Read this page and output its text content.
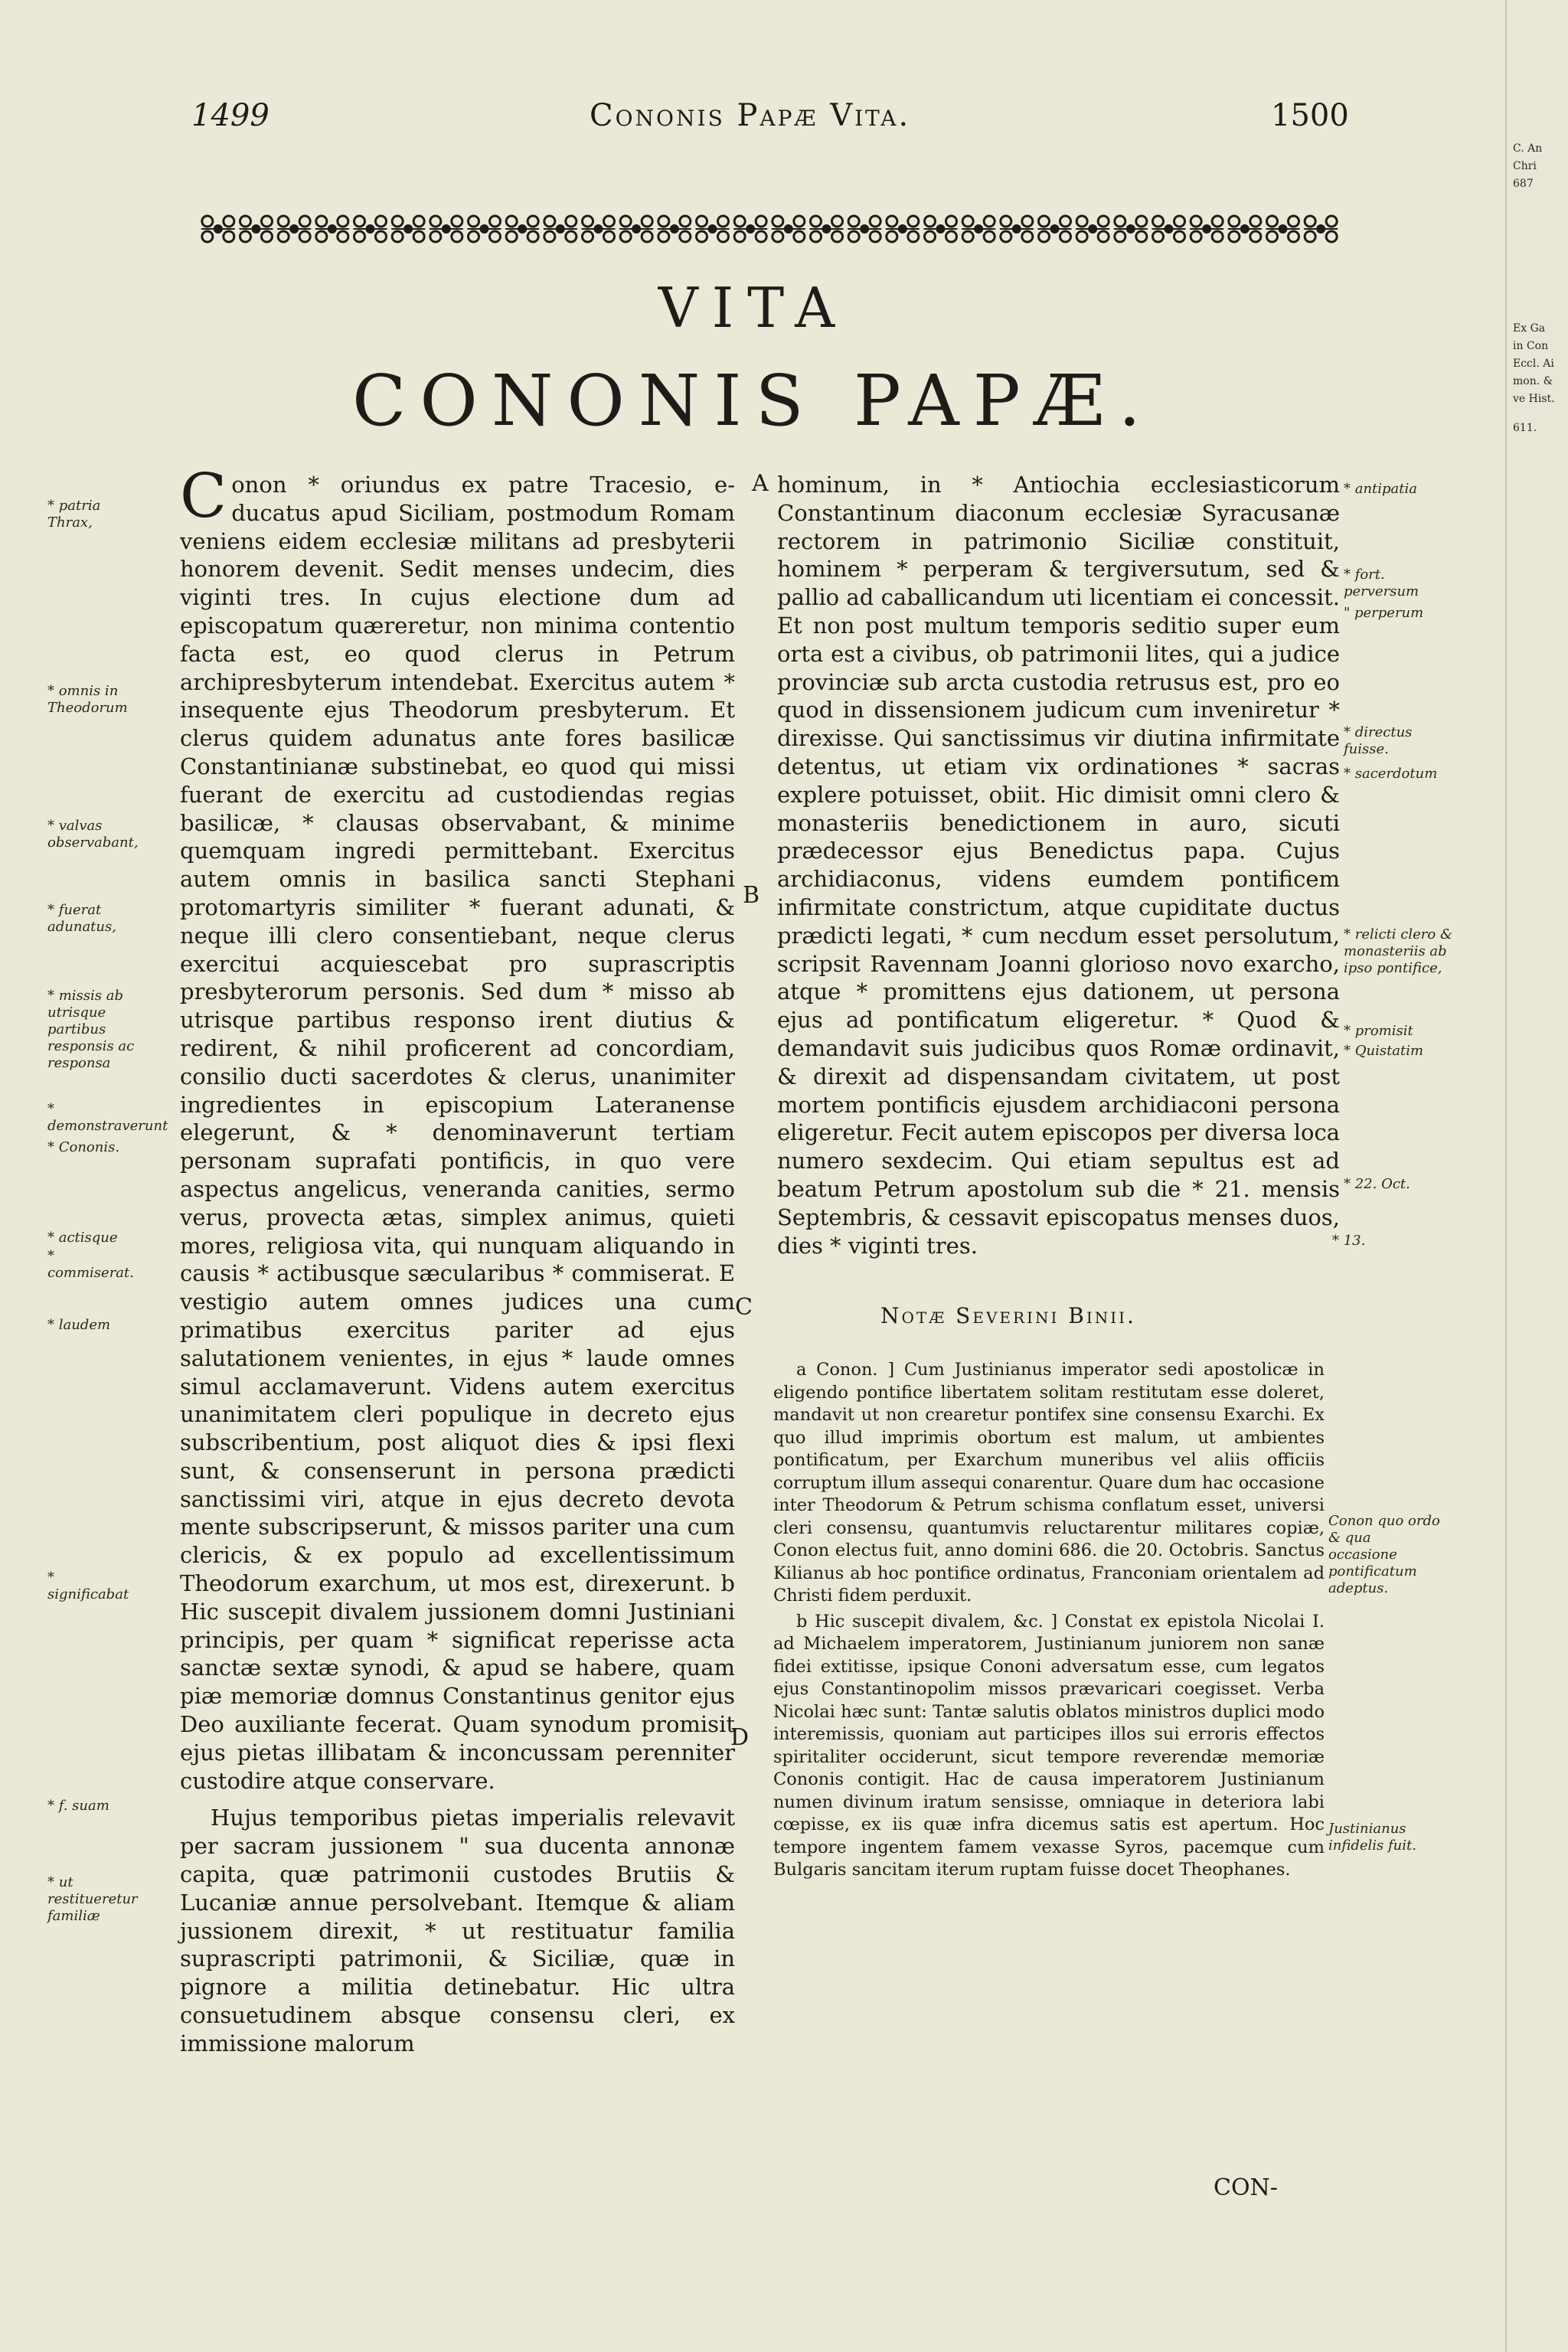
1499	Cononis Papæ Vita.	1500
VITA
CONONIS PAPÆ.

Conon * oriundus ex patre Tracesio, e- ducatus apud Siciliam, postmodum Romam veniens eidem ecclesiæ militans ad presbyterii honorem devenit. Sedit menses undecim, dies viginti tres. In cujus electione dum ad episcopatum quæreretur, non minima contentio facta est, eo quod clerus in Petrum archipresbyterum intendebat. Exercitus autem * insequente ejus Theodorum presbyterum. Et clerus quidem adunatus ante fores basilicæ Constantinianæ substinebat, eo quod qui missi fuerant de exercitu ad custodiendas regias basilicæ, * clausas observabant, & minime quemquam ingredi permittebant. Exercitus autem omnis in basilica sancti Stephani protomartyris similiter * fuerant adunati, & neque illi clero consentiebant, neque clerus exercitui acquiescebat pro suprascriptis presbyterorum personis. Sed dum * misso ab utrisque partibus responso irent diutius & redirent, & nihil proficerent ad concordiam, consilio ducti sacerdotes & clerus, unanimiter ingredientes in episcopium Lateranense elegerunt, & * denominaverunt tertiam personam suprafati pontificis, in quo vere aspectus angelicus, veneranda canities, sermo verus, provecta ætas, simplex animus, quieti mores, religiosa vita, qui nunquam aliquando in causis * actibusque sæcularibus * commiserat. E vestigio autem omnes judices una cum primatibus exercitus pariter ad ejus salutationem venientes, in ejus * laude omnes simul acclamaverunt. Videns autem exercitus unanimitatem cleri populique in decreto ejus subscribentium, post aliquot dies & ipsi flexi sunt, & consenserunt in persona prædicti sanctissimi viri, atque in ejus decreto devota mente subscripserunt, & missos pariter una cum clericis, & ex populo ad excellentissimum Theodorum exarchum, ut mos est, direxerunt. b Hic suscepit divalem jussionem domni Justiniani principis, per quam * significat reperisse acta sanctæ sextæ synodi, & apud se habere, quam piæ memoriæ domnus Constantinus genitor ejus Deo auxiliante fecerat. Quam synodum promisit ejus pietas illibatam & inconcussam perenniter custodire atque conservare.

Hujus temporibus pietas imperialis relevavit per sacram jussionem " sua ducenta annonæ capita, quæ patrimonii custodes Brutiis & Lucaniæ annue persolvebant. Itemque & aliam jussionem direxit, * ut restituatur familia suprascripti patrimonii, & Siciliæ, quæ in pignore a militia detinebatur. Hic ultra consuetudinem absque consensu cleri, ex immissione malorum

hominum, in * Antiochia ecclesiasticorum Constantinum diaconum ecclesiæ Syracusanæ rectorem in patrimonio Siciliæ constituit, hominem * perperam & tergiversutum, sed & pallio ad caballicandum uti licentiam ei concessit. Et non post multum temporis seditio super eum orta est a civibus, ob patrimonii lites, qui a judice provinciæ sub arcta custodia retrusus est, pro eo quod in dissensionem judicum cum inveniretur * direxisse. Qui sanctissimus vir diutina infirmitate detentus, ut etiam vix ordinationes * sacras explere potuisset, obiit. Hic dimisit omni clero & monasteriis benedictionem in auro, sicuti prædecessor ejus Benedictus papa. Cujus archidiaconus, videns eumdem pontificem infirmitate constrictum, atque cupiditate ductus prædicti legati, * cum necdum esset persolutum, scripsit Ravennam Joanni glorioso novo exarcho, atque * promittens ejus dationem, ut persona ejus ad pontificatum eligeretur. * Quod & demandavit suis judicibus quos Romæ ordinavit, & direxit ad dispensandam civitatem, ut post mortem pontificis ejusdem archidiaconi persona eligeretur. Fecit autem episcopos per diversa loca numero sexdecim. Qui etiam sepultus est ad beatum Petrum apostolum sub die * 21. mensis Septembris, & cessavit episcopatus menses duos, dies * viginti tres.

* patria Thrax,
* omnis in Theodorum
* valvas observabant,
* fuerat adunatus,
* missis ab utrisque partibus responsis ac responsa
* demonstraverunt
* Cononis.
* actisque
* commiserat.
* laudem
* significabat
* f. suam
* ut restitueretur familiæ
* antipatia
* fort. perversum
" perperum
* directus fuisse.
* sacerdotum
* relicti clero & monasteriis ab ipso pontifice,
* promisit
* Quistatim
* 22. Oct.
* 13.
Conon quo ordo & qua occasione pontificatum adeptus.
Justinianus infidelis fuit.
A
B
C
D
Notæ Severini Binii.

a Conon. ] Cum Justinianus imperator sedi apostolicæ in eligendo pontifice libertatem solitam restitutam esse doleret, mandavit ut non crearetur pontifex sine consensu Exarchi. Ex quo illud imprimis obortum est malum, ut ambientes pontificatum, per Exarchum muneribus vel aliis officiis corruptum illum assequi conarentur. Quare dum hac occasione inter Theodorum & Petrum schisma conflatum esset, universi cleri consensu, quantumvis reluctarentur militares copiæ, Conon electus fuit, anno domini 686. die 20. Octobris. Sanctus Kilianus ab hoc pontifice ordinatus, Franconiam orientalem ad Christi fidem perduxit.

b Hic suscepit divalem, &c. ] Constat ex epistola Nicolai I. ad Michaelem imperatorem, Justinianum juniorem non sanæ fidei extitisse, ipsique Cononi adversatum esse, cum legatos ejus Constantinopolim missos prævaricari coegisset. Verba Nicolai hæc sunt: Tantæ salutis oblatos ministros duplici modo interemissis, quoniam aut participes illos sui erroris effectos spiritaliter occiderunt, sicut tempore reverendæ memoriæ Cononis contigit. Hac de causa imperatorem Justinianum numen divinum iratum sensisse, omniaque in deteriora labi cœpisse, ex iis quæ infra dicemus satis est apertum. Hoc tempore ingentem famem vexasse Syros, pacemque cum Bulgaris sancitam iterum ruptam fuisse docet Theophanes.

CON-
C. An
Chri
687
Ex Ga
in Con
Eccl. Ai
mon. &
ve Hist.
611.
